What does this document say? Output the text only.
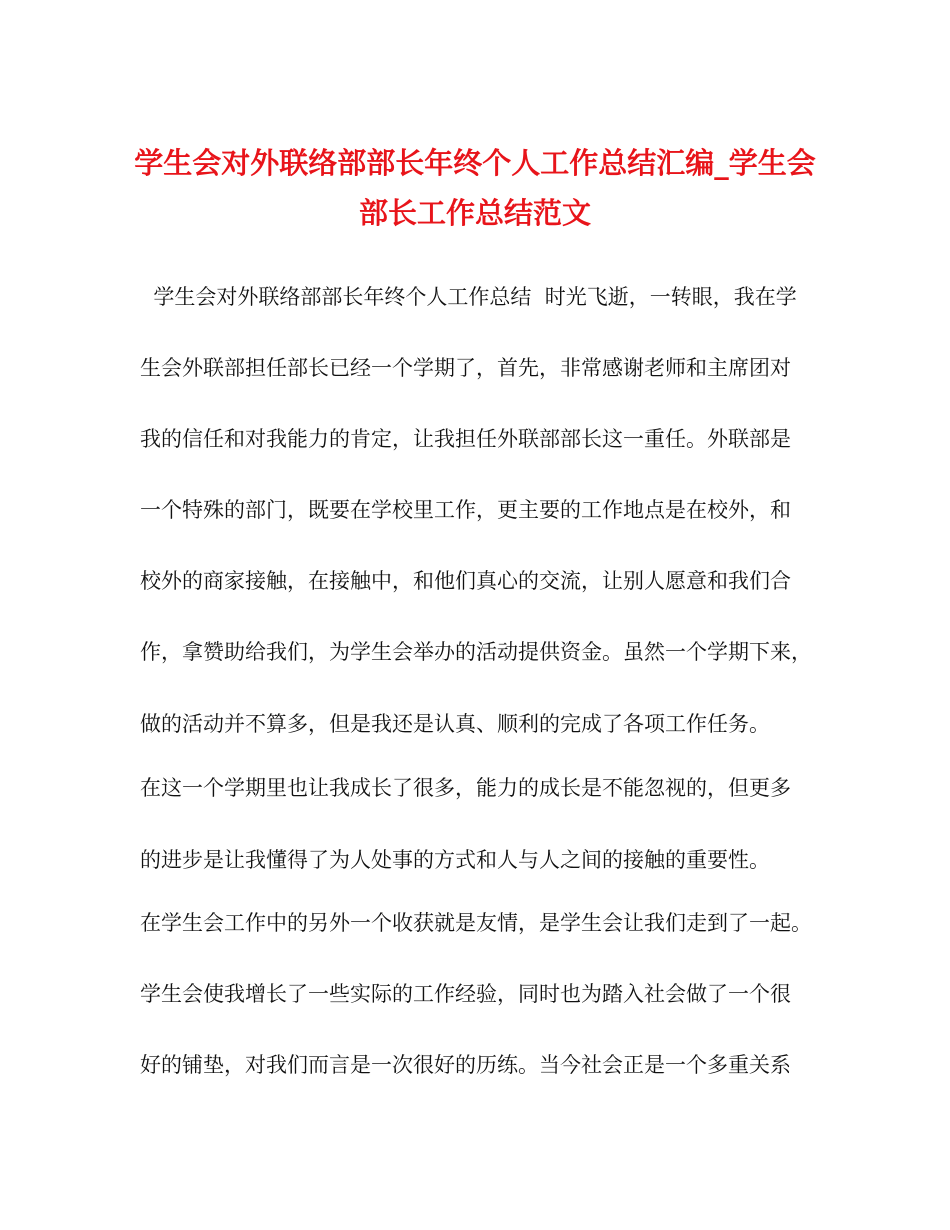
学生会对外联络部部长年终个人工作总结汇编_学生会
部长工作总结范文
学生会对外联络部部长年终个人工作总结  时光飞逝，一转眼，我在学
生会外联部担任部长已经一个学期了，首先，非常感谢老师和主席团对
我的信任和对我能力的肯定，让我担任外联部部长这一重任。外联部是
一个特殊的部门，既要在学校里工作，更主要的工作地点是在校外，和
校外的商家接触，在接触中，和他们真心的交流，让别人愿意和我们合
作，拿赞助给我们，为学生会举办的活动提供资金。虽然一个学期下来，
做的活动并不算多，但是我还是认真、顺利的完成了各项工作任务。
在这一个学期里也让我成长了很多，能力的成长是不能忽视的，但更多
的进步是让我懂得了为人处事的方式和人与人之间的接触的重要性。
在学生会工作中的另外一个收获就是友情，是学生会让我们走到了一起。
学生会使我增长了一些实际的工作经验，同时也为踏入社会做了一个很
好的铺垫，对我们而言是一次很好的历练。当今社会正是一个多重关系
